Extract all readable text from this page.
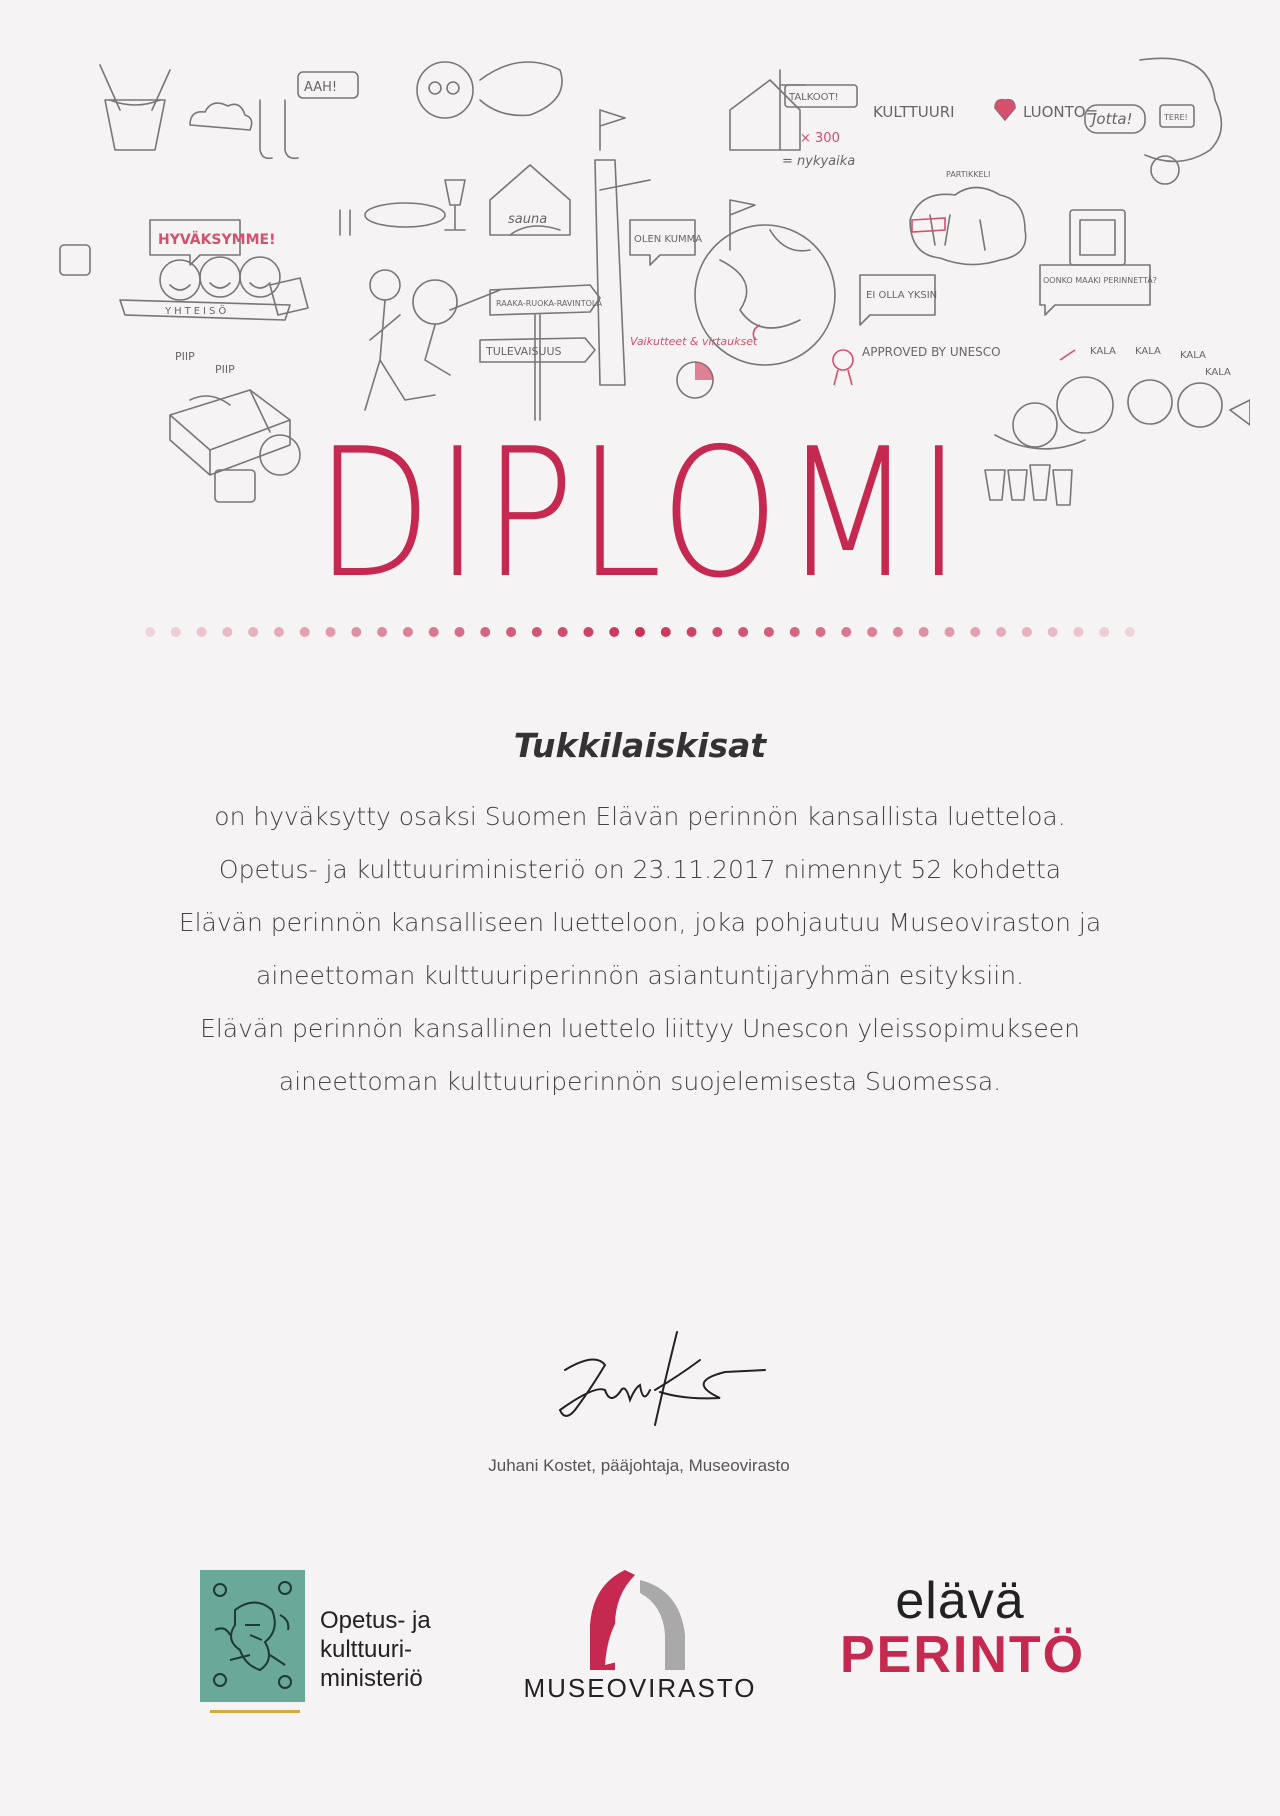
AAH!
HYVÄKSYMME!
YHTEISÖ
PIIP
PIIP
sauna
RAAKA-RUOKA-RAVINTOLA
TULEVAISUUS
OLEN KUMMA
TALKOOT!
× 300
= nykyaika
KULTTUURI	LUONTO=
Jotta!	TERE!
PARTIKKELI
EI OLLA YKSIN
APPROVED BY UNESCO
Vaikutteet & virtaukset
OONKO MAAKI PERINNETTÄ?
KALA KALA KALA
KALA
DIPLOMI
Tukkilaiskisat
on hyväksytty osaksi Suomen Elävän perinnön kansallista luetteloa.
Opetus- ja kulttuuriministeriö on 23.11.2017 nimennyt 52 kohdetta
Elävän perinnön kansalliseen luetteloon, joka pohjautuu Museoviraston ja
aineettoman kulttuuriperinnön asiantuntijaryhmän esityksiin.
Elävän perinnön kansallinen luettelo liittyy Unescon yleissopimukseen
aineettoman kulttuuriperinnön suojelemisesta Suomessa.
Juhani Kostet, pääjohtaja, Museovirasto
Opetus- ja
kulttuuri-
ministeriö	MUSEOVIRASTO
elävä
PERINTÖ
